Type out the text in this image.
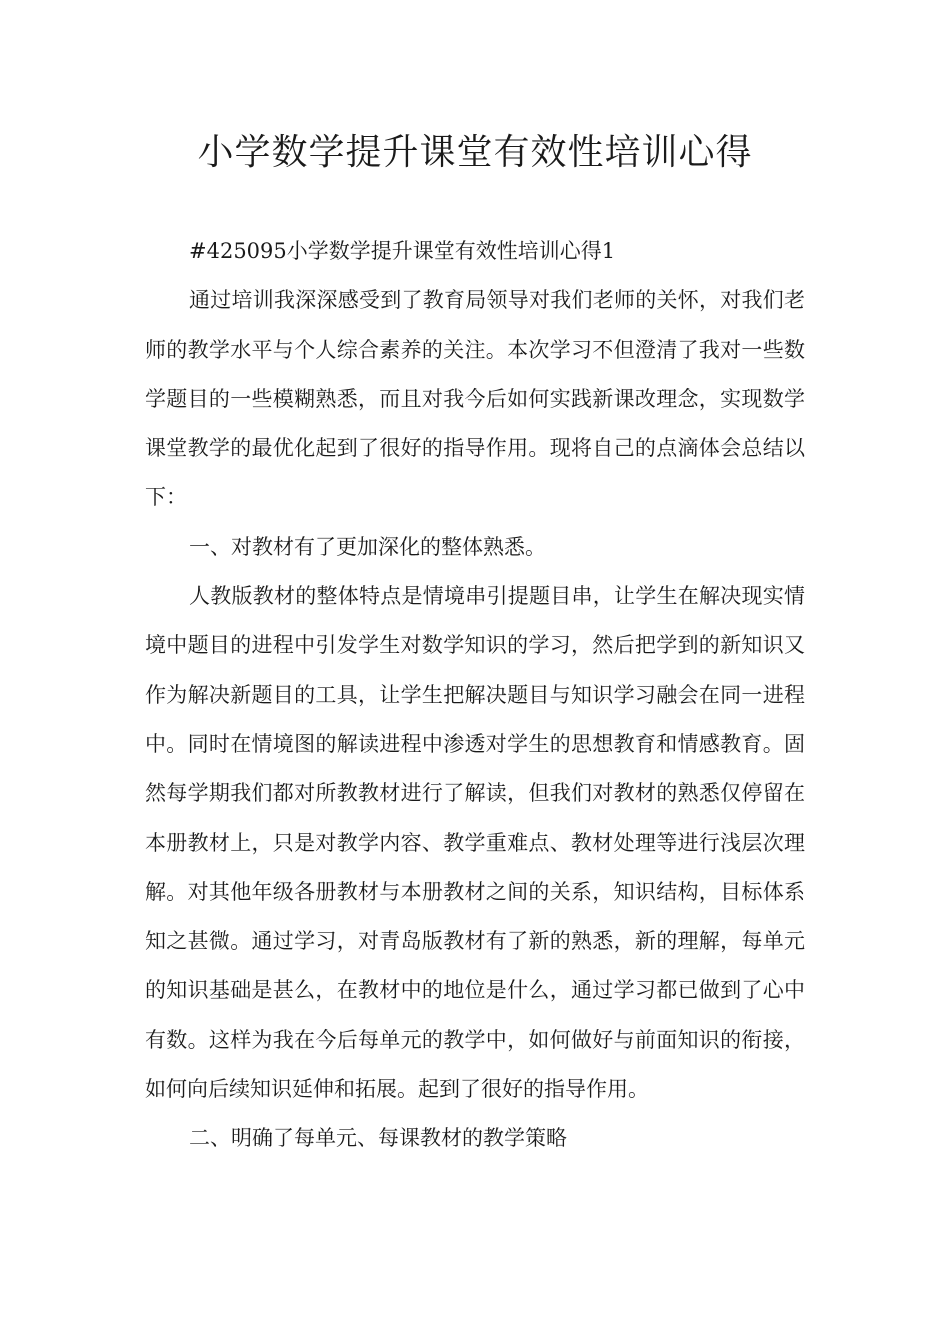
小学数学提升课堂有效性培训心得

#425095小学数学提升课堂有效性培训心得1

通过培训我深深感受到了教育局领导对我们老师的关怀，对我们老师的教学水平与个人综合素养的关注。本次学习不但澄清了我对一些数学题目的一些模糊熟悉，而且对我今后如何实践新课改理念，实现数学课堂教学的最优化起到了很好的指导作用。现将自己的点滴体会总结以下：

一、对教材有了更加深化的整体熟悉。

人教版教材的整体特点是情境串引提题目串，让学生在解决现实情境中题目的进程中引发学生对数学知识的学习，然后把学到的新知识又作为解决新题目的工具，让学生把解决题目与知识学习融会在同一进程中。同时在情境图的解读进程中渗透对学生的思想教育和情感教育。固然每学期我们都对所教教材进行了解读，但我们对教材的熟悉仅停留在本册教材上，只是对教学内容、教学重难点、教材处理等进行浅层次理解。对其他年级各册教材与本册教材之间的关系，知识结构，目标体系知之甚微。通过学习，对青岛版教材有了新的熟悉，新的理解，每单元的知识基础是甚么，在教材中的地位是什么，通过学习都已做到了心中有数。这样为我在今后每单元的教学中，如何做好与前面知识的衔接，如何向后续知识延伸和拓展。起到了很好的指导作用。

二、明确了每单元、每课教材的教学策略
